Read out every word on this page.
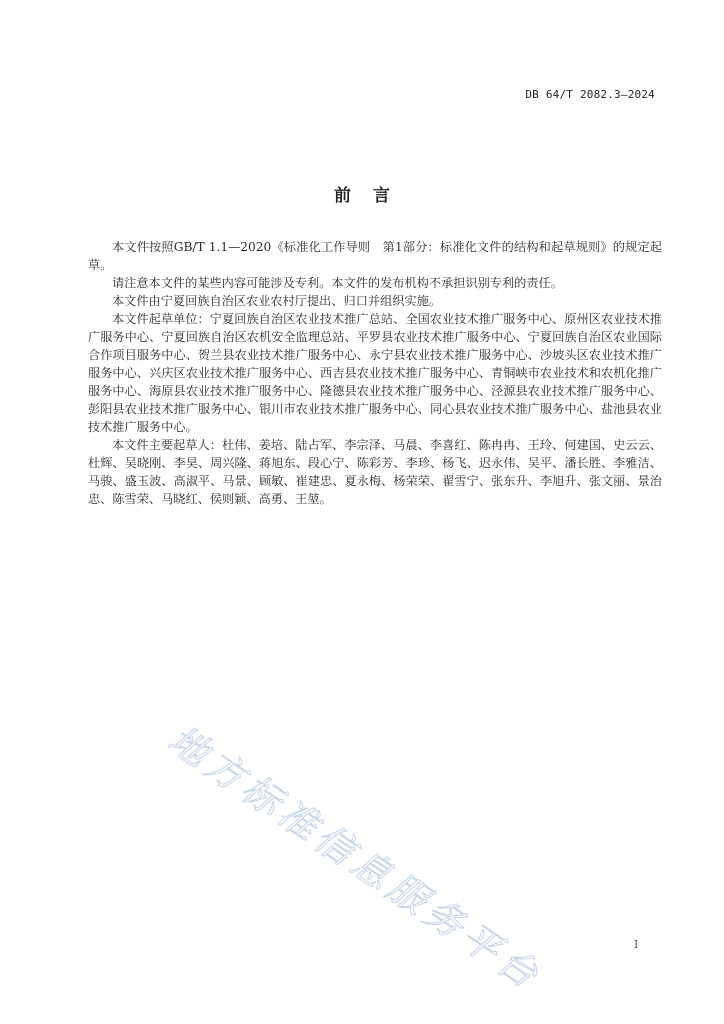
DB 64/T 2082.3—2024
前 言

本文件按照GB/T 1.1—2020《标准化工作导则　第1部分：标准化文件的结构和起草规则》的规定起草。

请注意本文件的某些内容可能涉及专利。本文件的发布机构不承担识别专利的责任。

本文件由宁夏回族自治区农业农村厅提出、归口并组织实施。

本文件起草单位：宁夏回族自治区农业技术推广总站、全国农业技术推广服务中心、原州区农业技术推广服务中心、宁夏回族自治区农机安全监理总站、平罗县农业技术推广服务中心、宁夏回族自治区农业国际合作项目服务中心、贺兰县农业技术推广服务中心、永宁县农业技术推广服务中心、沙坡头区农业技术推广服务中心、兴庆区农业技术推广服务中心、西吉县农业技术推广服务中心、青铜峡市农业技术和农机化推广服务中心、海原县农业技术推广服务中心、隆德县农业技术推广服务中心、泾源县农业技术推广服务中心、彭阳县农业技术推广服务中心、银川市农业技术推广服务中心、同心县农业技术推广服务中心、盐池县农业技术推广服务中心。

本文件主要起草人：杜伟、姜培、陆占军、李宗泽、马晨、李喜红、陈冉冉、王玲、何建国、史云云、杜辉、吴晓刚、李昊、周兴隆、蒋旭东、段心宁、陈彩芳、李珍、杨飞、迟永伟、吴平、潘长胜、李雅洁、马骏、盛玉波、高淑平、马景、顾敏、崔建忠、夏永梅、杨荣荣、翟雪宁、张东升、李旭升、张文丽、景治忠、陈雪荣、马晓红、侯则颖、高勇、王堃。

地方标准信息服务平台	I
